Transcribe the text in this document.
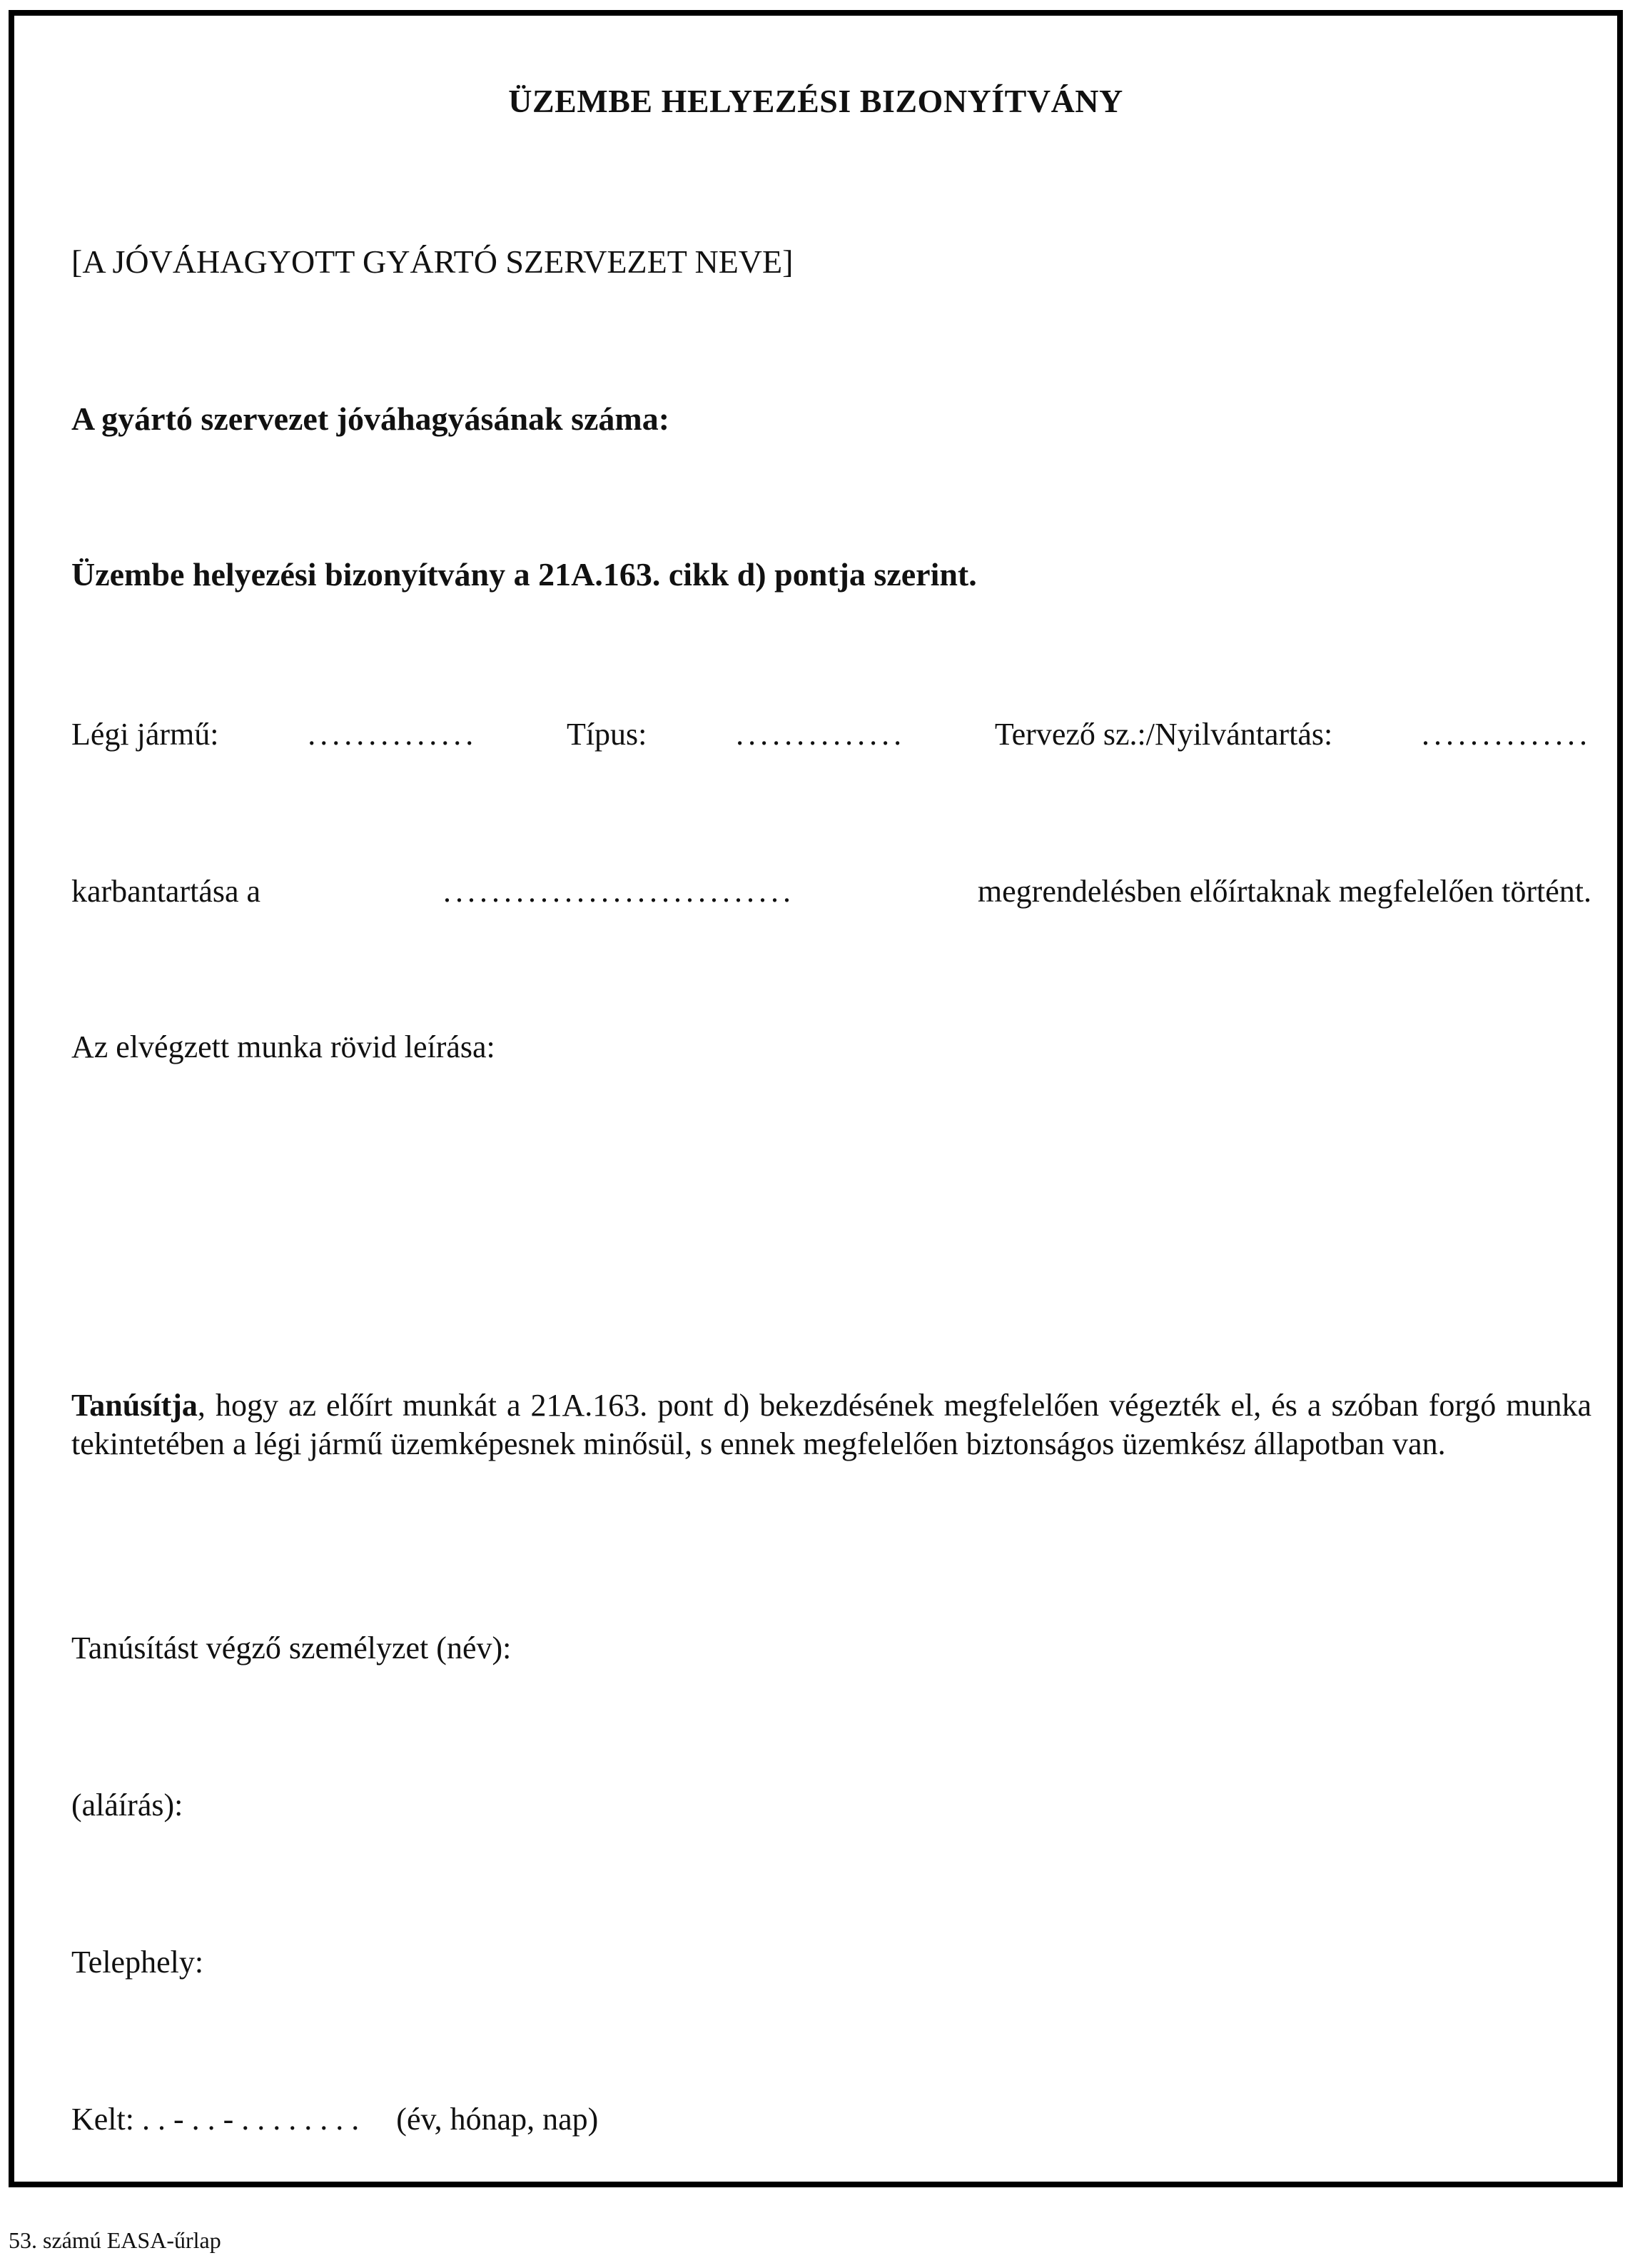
ÜZEMBE HELYEZÉSI BIZONYÍTVÁNY
[A JÓVÁHAGYOTT GYÁRTÓ SZERVEZET NEVE]
A gyártó szervezet jóváhagyásának száma:
Üzembe helyezési bizonyítvány a 21A.163. cikk d) pontja szerint.
Légi jármű:	..............	Típus:	..............	Tervező sz.:/Nyilvántartás:	..............
karbantartása a	.............................	megrendelésben előírtaknak megfelelően történt.
Az elvégzett munka rövid leírása:
Tanúsítja, hogy az előírt munkát a 21A.163. pont d) bekezdésének megfelelően végezték el, és a szóban forgó munka tekintetében a légi jármű üzemképesnek minősül, s ennek megfelelően biztonságos üzemkész állapotban van.
Tanúsítást végző személyzet (név):
(aláírás):
Telephely:
Kelt: . . - . . - . . . . . . . . (év, hónap, nap)
53. számú EASA-űrlap
